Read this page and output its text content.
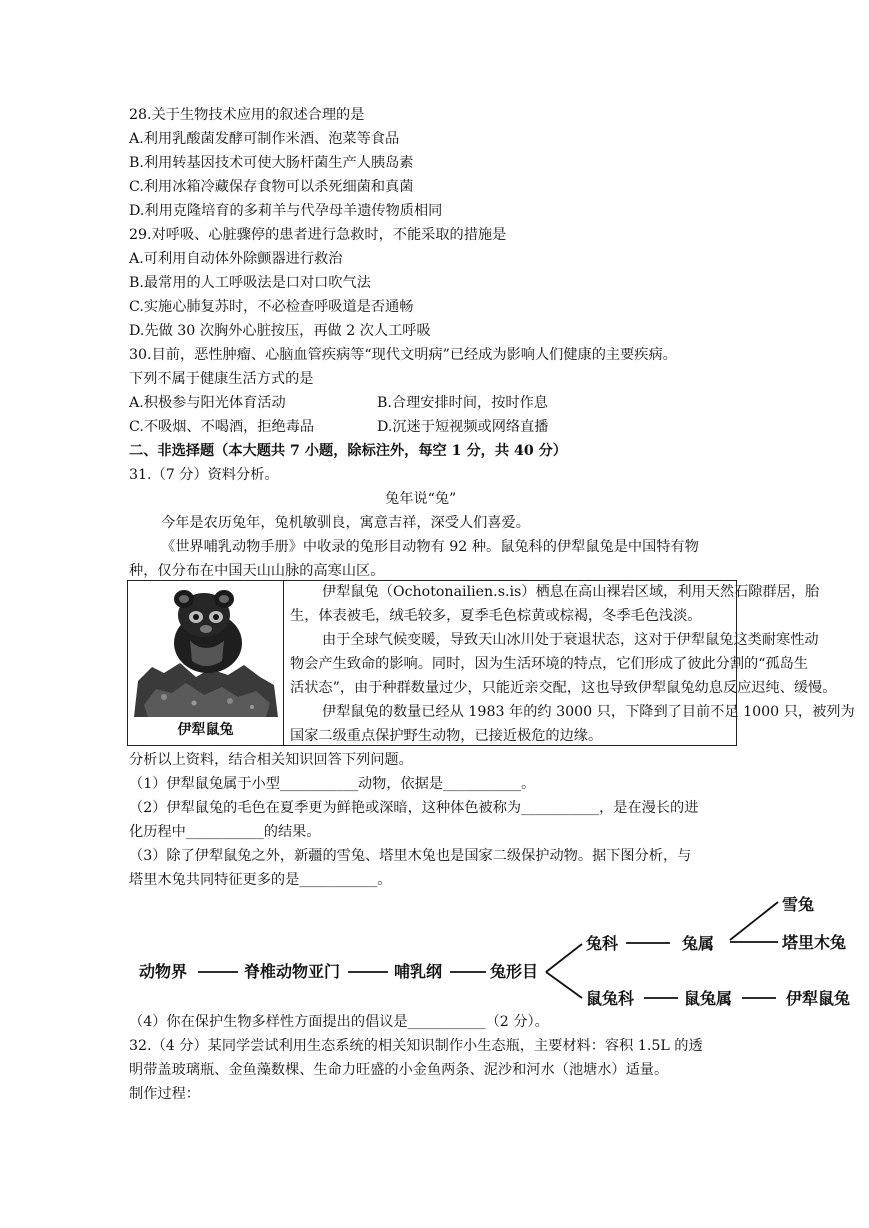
28.关于生物技术应用的叙述合理的是
A.利用乳酸菌发酵可制作米酒、泡菜等食品
B.利用转基因技术可使大肠杆菌生产人胰岛素
C.利用冰箱冷藏保存食物可以杀死细菌和真菌
D.利用克隆培育的多莉羊与代孕母羊遗传物质相同
29.对呼吸、心脏骤停的患者进行急救时，不能采取的措施是
A.可利用自动体外除颤器进行救治
B.最常用的人工呼吸法是口对口吹气法
C.实施心肺复苏时，不必检查呼吸道是否通畅
D.先做 30 次胸外心脏按压，再做 2 次人工呼吸
30.目前，恶性肿瘤、心脑血管疾病等“现代文明病”已经成为影响人们健康的主要疾病。
下列不属于健康生活方式的是
A.积极参与阳光体育活动	B.合理安排时间，按时作息
C.不吸烟、不喝酒，拒绝毒品	D.沉迷于短视频或网络直播
二、非选择题（本大题共 7 小题，除标注外，每空 1 分，共 40 分）
31.（7 分）资料分析。
兔年说“兔”
今年是农历兔年，兔机敏驯良，寓意吉祥，深受人们喜爱。
《世界哺乳动物手册》中收录的兔形目动物有 92 种。鼠兔科的伊犁鼠兔是中国特有物
种，仅分布在中国天山山脉的高寒山区。
伊犁鼠兔
伊犁鼠兔（Ochotonailien.s.is）栖息在高山裸岩区域，利用天然石隙群居，胎
生，体表被毛，绒毛较多，夏季毛色棕黄或棕褐，冬季毛色浅淡。
由于全球气候变暖，导致天山冰川处于衰退状态，这对于伊犁鼠兔这类耐寒性动
物会产生致命的影响。同时，因为生活环境的特点，它们形成了彼此分割的“孤岛生
活状态”，由于种群数量过少，只能近亲交配，这也导致伊犁鼠兔幼息反应迟纯、缓慢。
伊犁鼠兔的数量已经从 1983 年的约 3000 只，下降到了目前不足 1000 只，被列为
国家二级重点保护野生动物，已接近极危的边缘。
分析以上资料，结合相关知识回答下列问题。
（1）伊犁鼠兔属于小型___________动物，依据是___________。
（2）伊犁鼠兔的毛色在夏季更为鲜艳或深暗，这种体色被称为___________，是在漫长的进
化历程中___________的结果。
（3）除了伊犁鼠兔之外，新疆的雪兔、塔里木兔也是国家二级保护动物。据下图分析，与
塔里木兔共同特征更多的是___________。
动物界	脊椎动物亚门	哺乳纲	兔形目
兔科	兔属
雪兔
塔里木兔
鼠兔科	鼠兔属	伊犁鼠兔
（4）你在保护生物多样性方面提出的倡议是___________（2 分）。
32.（4 分）某同学尝试利用生态系统的相关知识制作小生态瓶，主要材料：容积 1.5L 的透
明带盖玻璃瓶、金鱼藻数棵、生命力旺盛的小金鱼两条、泥沙和河水（池塘水）适量。
制作过程：
